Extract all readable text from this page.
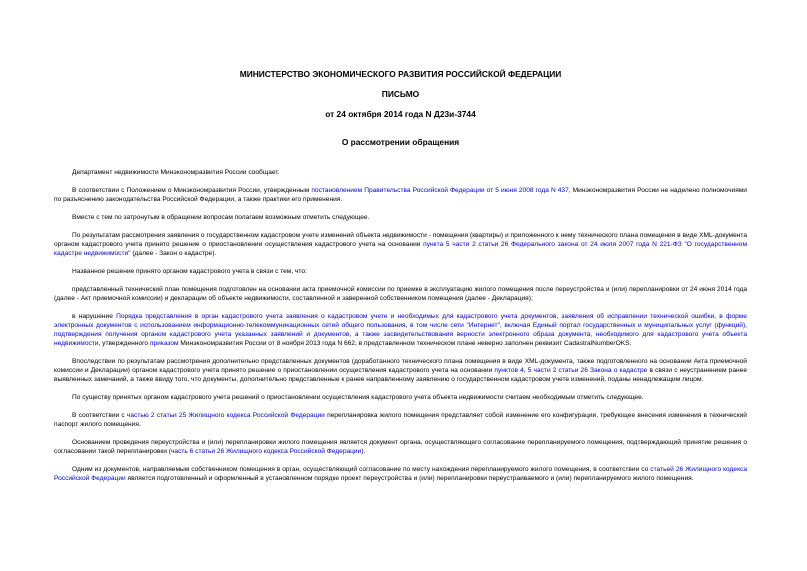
МИНИСТЕРСТВО ЭКОНОМИЧЕСКОГО РАЗВИТИЯ РОССИЙСКОЙ ФЕДЕРАЦИИ
ПИСЬМО
от 24 октября 2014 года N Д23и-3744
О рассмотрении обращения

Департамент недвижимости Минэкономразвития России сообщает.

В соответствии с Положением о Минэкономразвития России, утвержденным постановлением Правительства Российской Федерации от 5 июня 2008 года N 437, Минэкономразвития России не наделено полномочиями по разъяснению законодательства Российской Федерации, а также практики его применения.

Вместе с тем по затронутым в обращении вопросам полагаем возможным отметить следующее.

По результатам рассмотрения заявления о государственном кадастровом учете изменений объекта недвижимости - помещения (квартиры) и приложенного к нему технического плана помещения в виде XML-документа органом кадастрового учета принято решение о приостановлении осуществления кадастрового учета на основании пункта 5 части 2 статьи 26 Федерального закона от 24 июля 2007 года N 221-ФЗ "О государственном кадастре недвижимости" (далее - Закон о кадастре).

Названное решение принято органом кадастрового учета в связи с тем, что:

представленный технический план помещения подготовлен на основании акта приемочной комиссии по приемке в эксплуатацию жилого помещения после переустройства и (или) перепланировки от 24 июня 2014 года (далее - Акт приемочной комиссии) и декларации об объекте недвижимости, составленной и заверенной собственником помещения (далее - Декларация);

в нарушение Порядка представления в орган кадастрового учета заявления о кадастровом учете и необходимых для кадастрового учета документов, заявления об исправлении технической ошибки, в форме электронных документов с использованием информационно-телекоммуникационных сетей общего пользования, в том числе сети "Интернет", включая Единый портал государственных и муниципальных услуг (функций), подтверждения получения органом кадастрового учета указанных заявлений и документов, а также засвидетельствования верности электронного образа документа, необходимого для кадастрового учета объекта недвижимости, утвержденного приказом Минэкономразвития России от 8 ноября 2013 года N 662, в представленном техническом плане неверно заполнен реквизит CadastralNumberOKS.

Впоследствии по результатам рассмотрения дополнительно представленных документов (доработанного технического плана помещения в виде XML-документа, также подготовленного на основании Акта приемочной комиссии и Декларации) органом кадастрового учета принято решение о приостановлении осуществления кадастрового учета на основании пунктов 4, 5 части 2 статьи 26 Закона о кадастре в связи с неустранением ранее выявленных замечаний, а также ввиду того, что документы, дополнительно представленные к ранее направленному заявлению о государственном кадастровом учете изменений, поданы ненадлежащим лицом.

По существу принятых органом кадастрового учета решений о приостановлении осуществления кадастрового учета объекта недвижимости считаем необходимым отметить следующее.

В соответствии с частью 2 статьи 25 Жилищного кодекса Российской Федерации перепланировка жилого помещения представляет собой изменение его конфигурации, требующее внесения изменения в технический паспорт жилого помещения.

Основанием проведения переустройства и (или) перепланировки жилого помещения является документ органа, осуществляющего согласование перепланируемого помещения, подтверждающий принятие решения о согласовании такой перепланировки (часть 6 статьи 26 Жилищного кодекса Российской Федерации).

Одним из документов, направляемым собственником помещения в орган, осуществляющий согласование по месту нахождения перепланируемого жилого помещения, в соответствии со статьей 26 Жилищного кодекса Российской Федерации является подготовленный и оформленный в установленном порядке проект переустройства и (или) перепланировки переустраиваемого и (или) перепланируемого жилого помещения.
